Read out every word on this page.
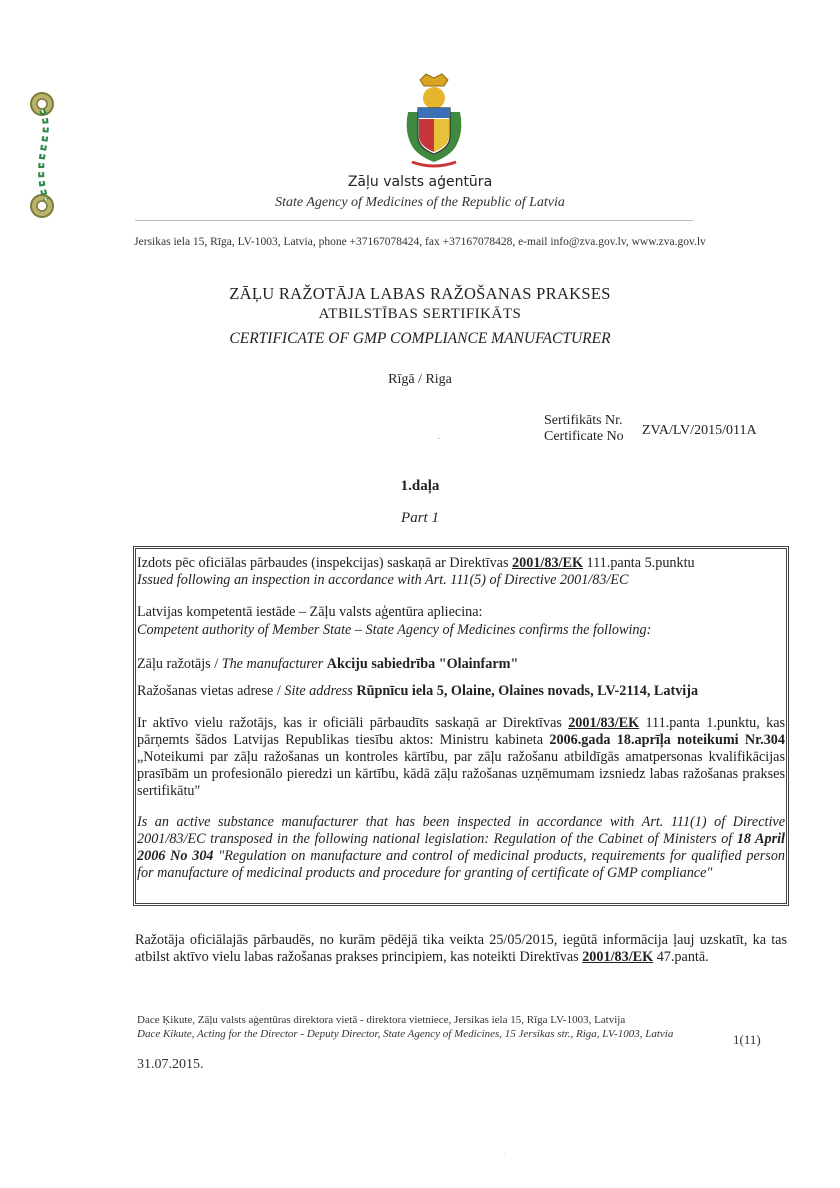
Zāļu valsts aģentūra
State Agency of Medicines of the Republic of Latvia
Jersikas iela 15, Rīga, LV-1003, Latvia, phone +37167078424, fax +37167078428, e-mail info@zva.gov.lv, www.zva.gov.lv
ZĀĻU RAŽOTĀJA LABAS RAŽOŠANAS PRAKSES
ATBILSTĪBAS SERTIFIKĀTS
CERTIFICATE OF GMP COMPLIANCE MANUFACTURER
Rīgā / Riga
Sertifikāts Nr.
Certificate No ZVA/LV/2015/011A
·
1.daļa
Part 1
Izdots pēc oficiālas pārbaudes (inspekcijas) saskaņā ar Direktīvas 2001/83/EK 111.panta 5.punktu
Issued following an inspection in accordance with Art. 111(5) of Directive 2001/83/EC
Latvijas kompetentā iestāde – Zāļu valsts aģentūra apliecina:
Competent authority of Member State – State Agency of Medicines confirms the following:
Zāļu ražotājs / The manufacturer Akciju sabiedrība "Olainfarm"
Ražošanas vietas adrese / Site address Rūpnīcu iela 5, Olaine, Olaines novads, LV-2114, Latvija
Ir aktīvo vielu ražotājs, kas ir oficiāli pārbaudīts saskaņā ar Direktīvas 2001/83/EK 111.panta 1.punktu, kas pārņemts šādos Latvijas Republikas tiesību aktos: Ministru kabineta 2006.gada 18.aprīļa noteikumi Nr.304 „Noteikumi par zāļu ražošanas un kontroles kārtību, par zāļu ražošanu atbildīgās amatpersonas kvalifikācijas prasībām un profesionālo pieredzi un kārtību, kādā zāļu ražošanas uzņēmumam izsniedz labas ražošanas prakses sertifikātu"
Is an active substance manufacturer that has been inspected in accordance with Art. 111(1) of Directive 2001/83/EC transposed in the following national legislation: Regulation of the Cabinet of Ministers of 18 April 2006 No 304 "Regulation on manufacture and control of medicinal products, requirements for qualified person for manufacture of medicinal products and procedure for granting of certificate of GMP compliance"
Ražotāja oficiālajās pārbaudēs, no kurām pēdējā tika veikta 25/05/2015, iegūtā informācija ļauj uzskatīt, ka tas atbilst aktīvo vielu labas ražošanas prakses principiem, kas noteikti Direktīvas 2001/83/EK 47.pantā.
Dace Ķikute, Zāļu valsts aģentūras direktora vietā - direktora vietniece, Jersikas iela 15, Rīga LV-1003, Latvija
Dace Kikute, Acting for the Director - Deputy Director, State Agency of Medicines, 15 Jersikas str., Riga, LV-1003, Latvia	1(11)
31.07.2015.
·
